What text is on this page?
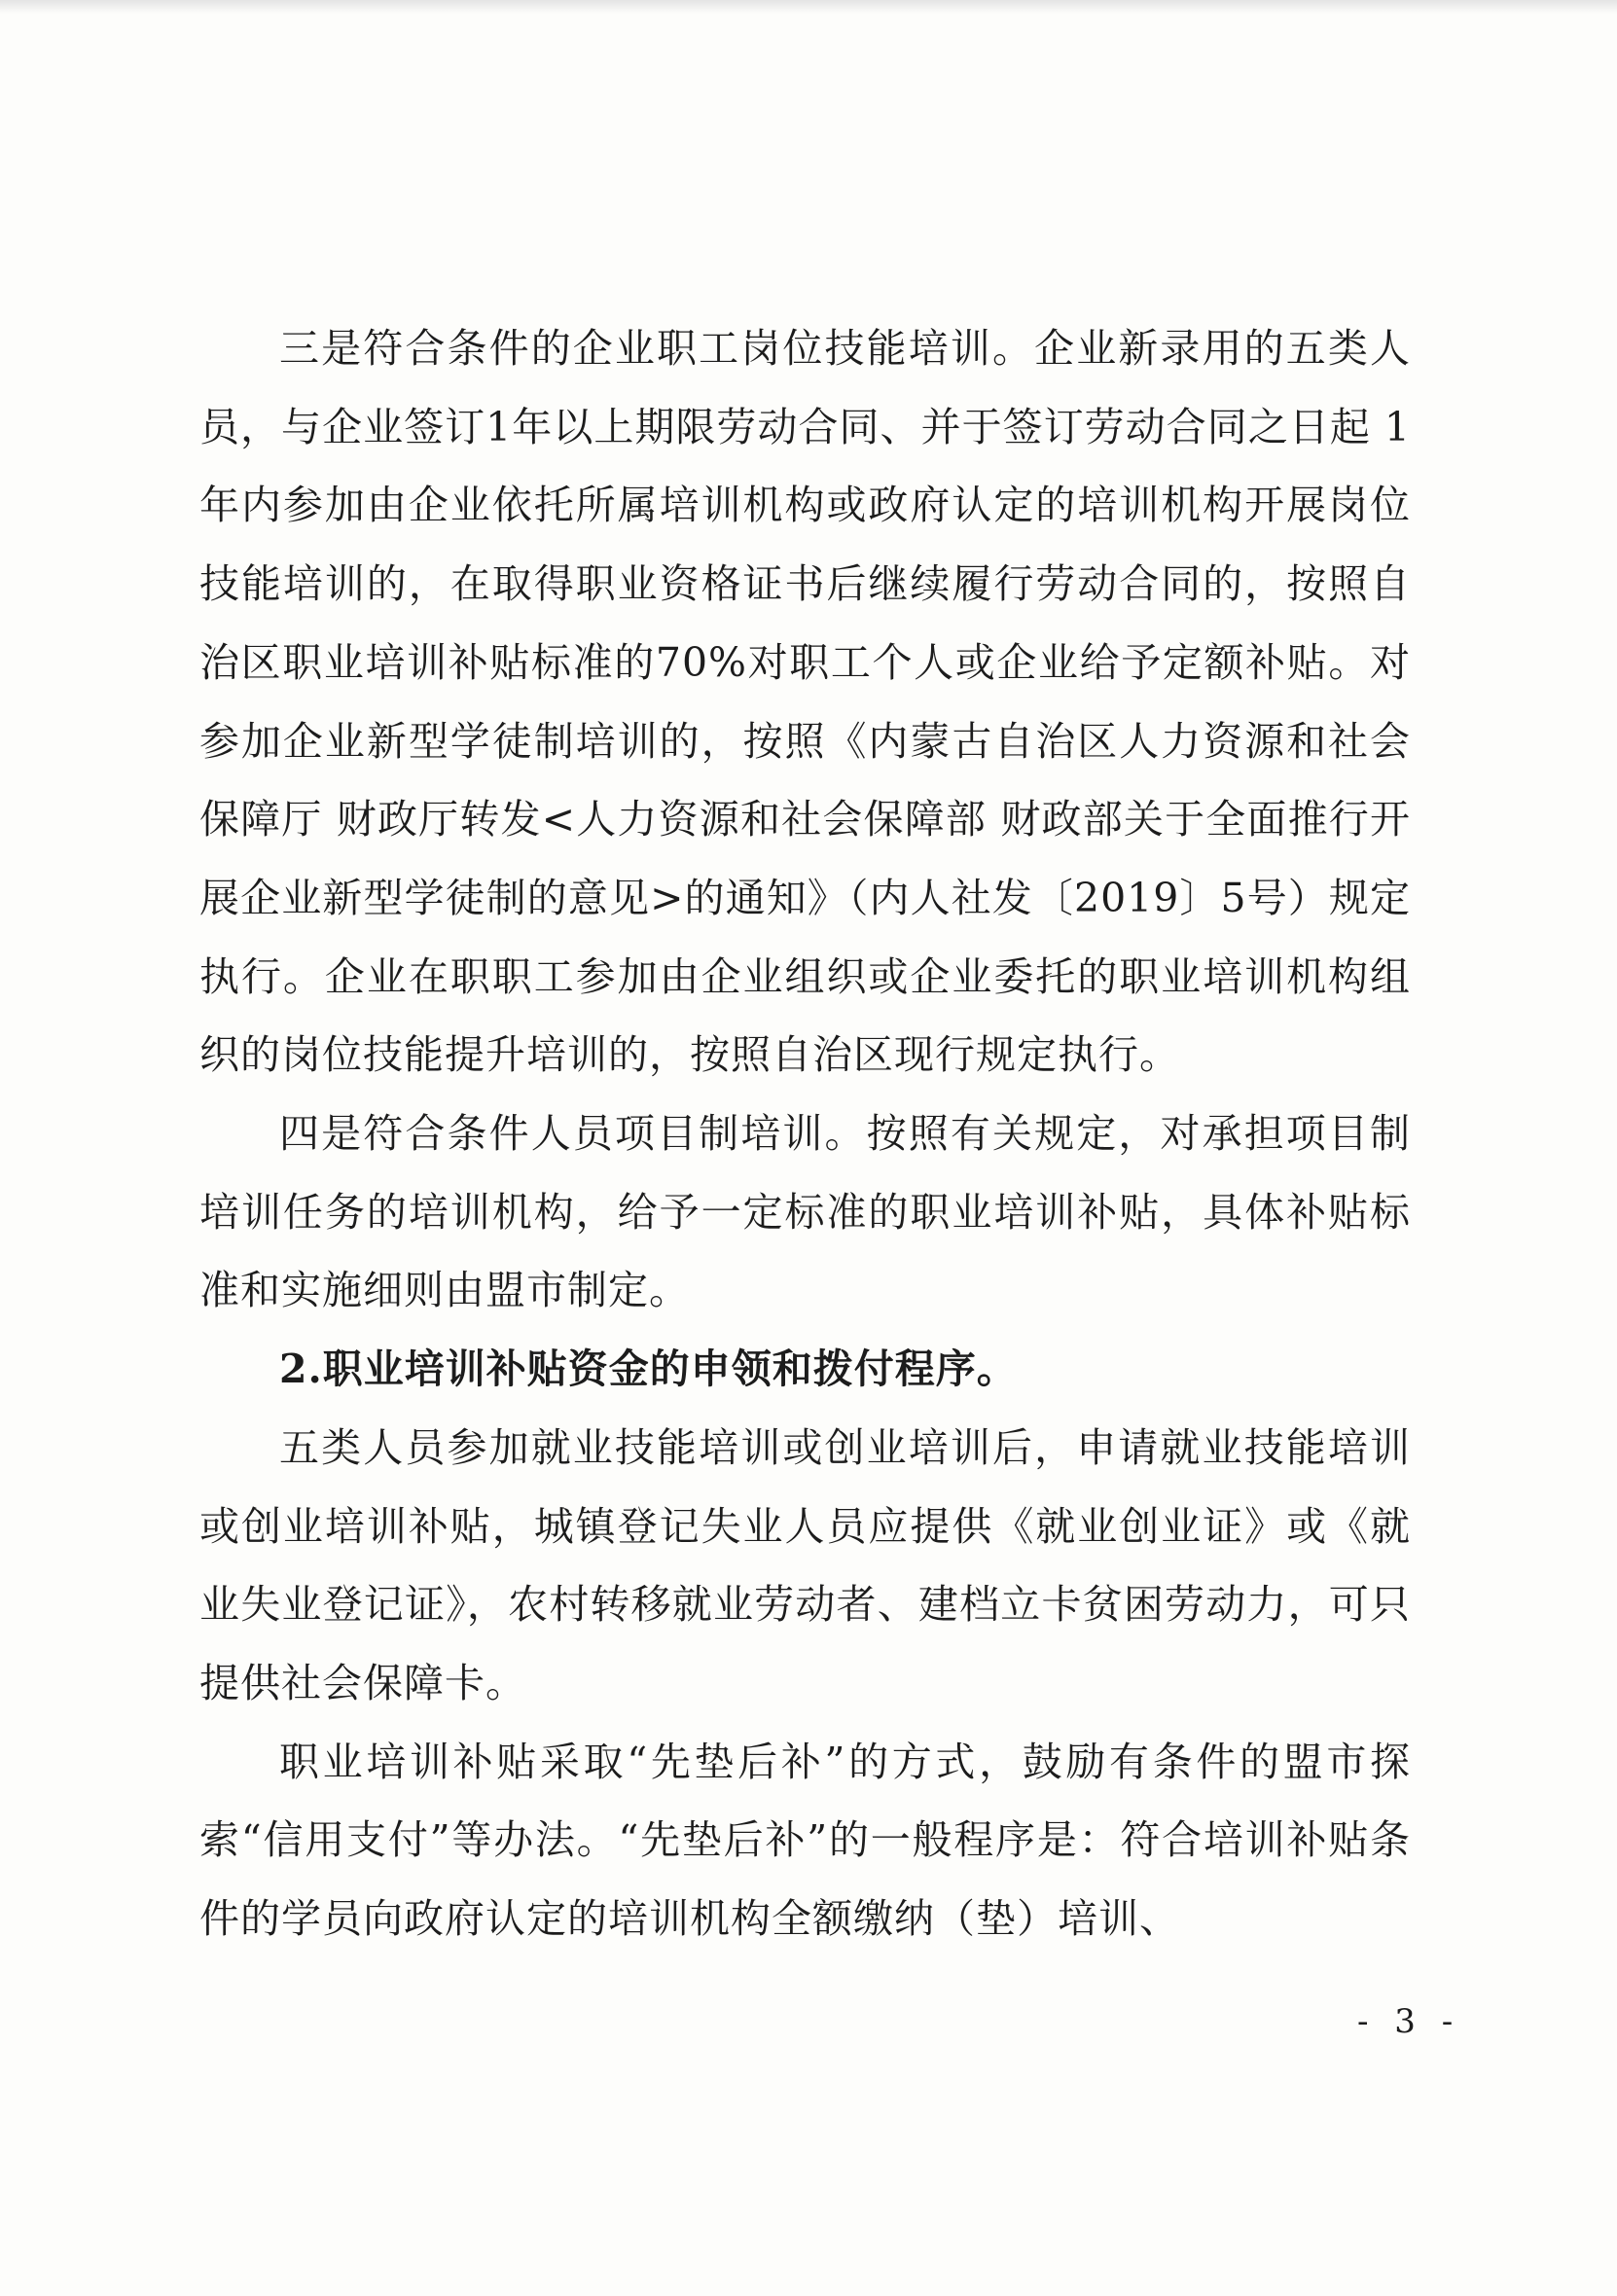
三是符合条件的企业职工岗位技能培训。企业新录用的五类人员，与企业签订1年以上期限劳动合同、并于签订劳动合同之日起 1 年内参加由企业依托所属培训机构或政府认定的培训机构开展岗位技能培训的，在取得职业资格证书后继续履行劳动合同的，按照自治区职业培训补贴标准的70%对职工个人或企业给予定额补贴。对参加企业新型学徒制培训的，按照《内蒙古自治区人力资源和社会保障厅 财政厅转发<人力资源和社会保障部 财政部关于全面推行开展企业新型学徒制的意见>的通知》（内人社发〔2019〕5号）规定执行。企业在职职工参加由企业组织或企业委托的职业培训机构组织的岗位技能提升培训的，按照自治区现行规定执行。

四是符合条件人员项目制培训。按照有关规定，对承担项目制培训任务的培训机构，给予一定标准的职业培训补贴，具体补贴标准和实施细则由盟市制定。

2.职业培训补贴资金的申领和拨付程序。

五类人员参加就业技能培训或创业培训后，申请就业技能培训或创业培训补贴，城镇登记失业人员应提供《就业创业证》或《就业失业登记证》，农村转移就业劳动者、建档立卡贫困劳动力，可只提供社会保障卡。

职业培训补贴采取“先垫后补”的方式，鼓励有条件的盟市探索“信用支付”等办法。“先垫后补”的一般程序是：符合培训补贴条件的学员向政府认定的培训机构全额缴纳（垫）培训、

- 3 -
